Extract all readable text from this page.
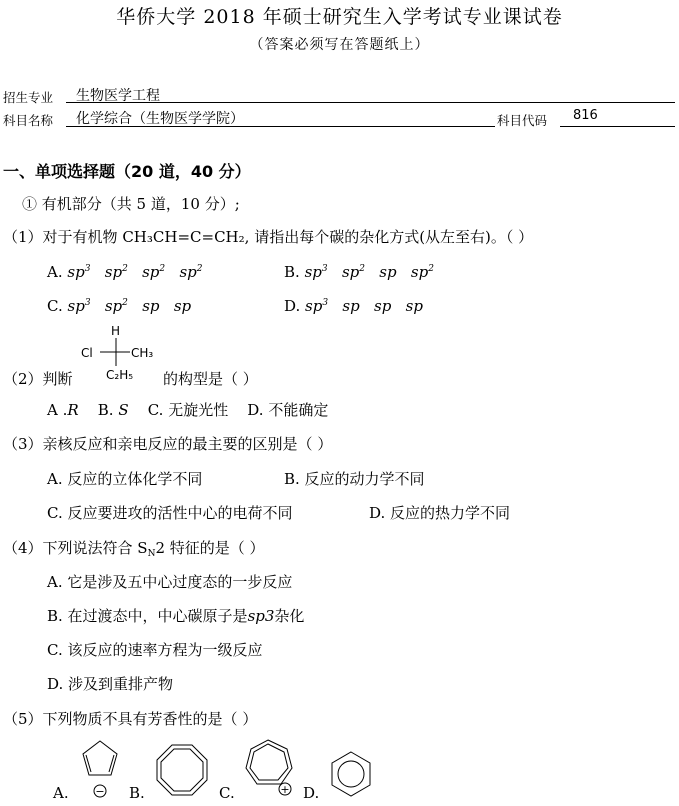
华侨大学 2018 年硕士研究生入学考试专业课试卷
（答案必须写在答题纸上）
招生专业 生物医学工程
科目名称 化学综合（生物医学学院）	科目代码 816
一、单项选择题（20 道，40 分）
① 有机部分（共 5 道，10 分）;
（1）对于有机物 CH₃CH=C=CH₂, 请指出每个碳的杂化方式(从左至右)。（ ）
A. $sp^3$ $sp^2$ $sp^2$ $sp^2$	B. $sp^3$ $sp^2$ sp $sp^2$
C. $sp^3$ $sp^2$ sp sp	D. $sp^3$ sp sp sp
H
Cl	CH₃
C₂H₅
（2）判断	的构型是（ ）
A .R B. S C. 无旋光性 D. 不能确定
（3）亲核反应和亲电反应的最主要的区别是（ ）
A. 反应的立体化学不同	B. 反应的动力学不同
C. 反应要进攻的活性中心的电荷不同	D. 反应的热力学不同
（4）下列说法符合 $S_N2$ 特征的是（ ）
A. 它是涉及五中心过度态的一步反应
B. 在过渡态中，中心碳原子是sp3杂化
C. 该反应的速率方程为一级反应
D. 涉及到重排产物
（5）下列物质不具有芳香性的是（ ）
A.	B.	C.	D.
−	+
